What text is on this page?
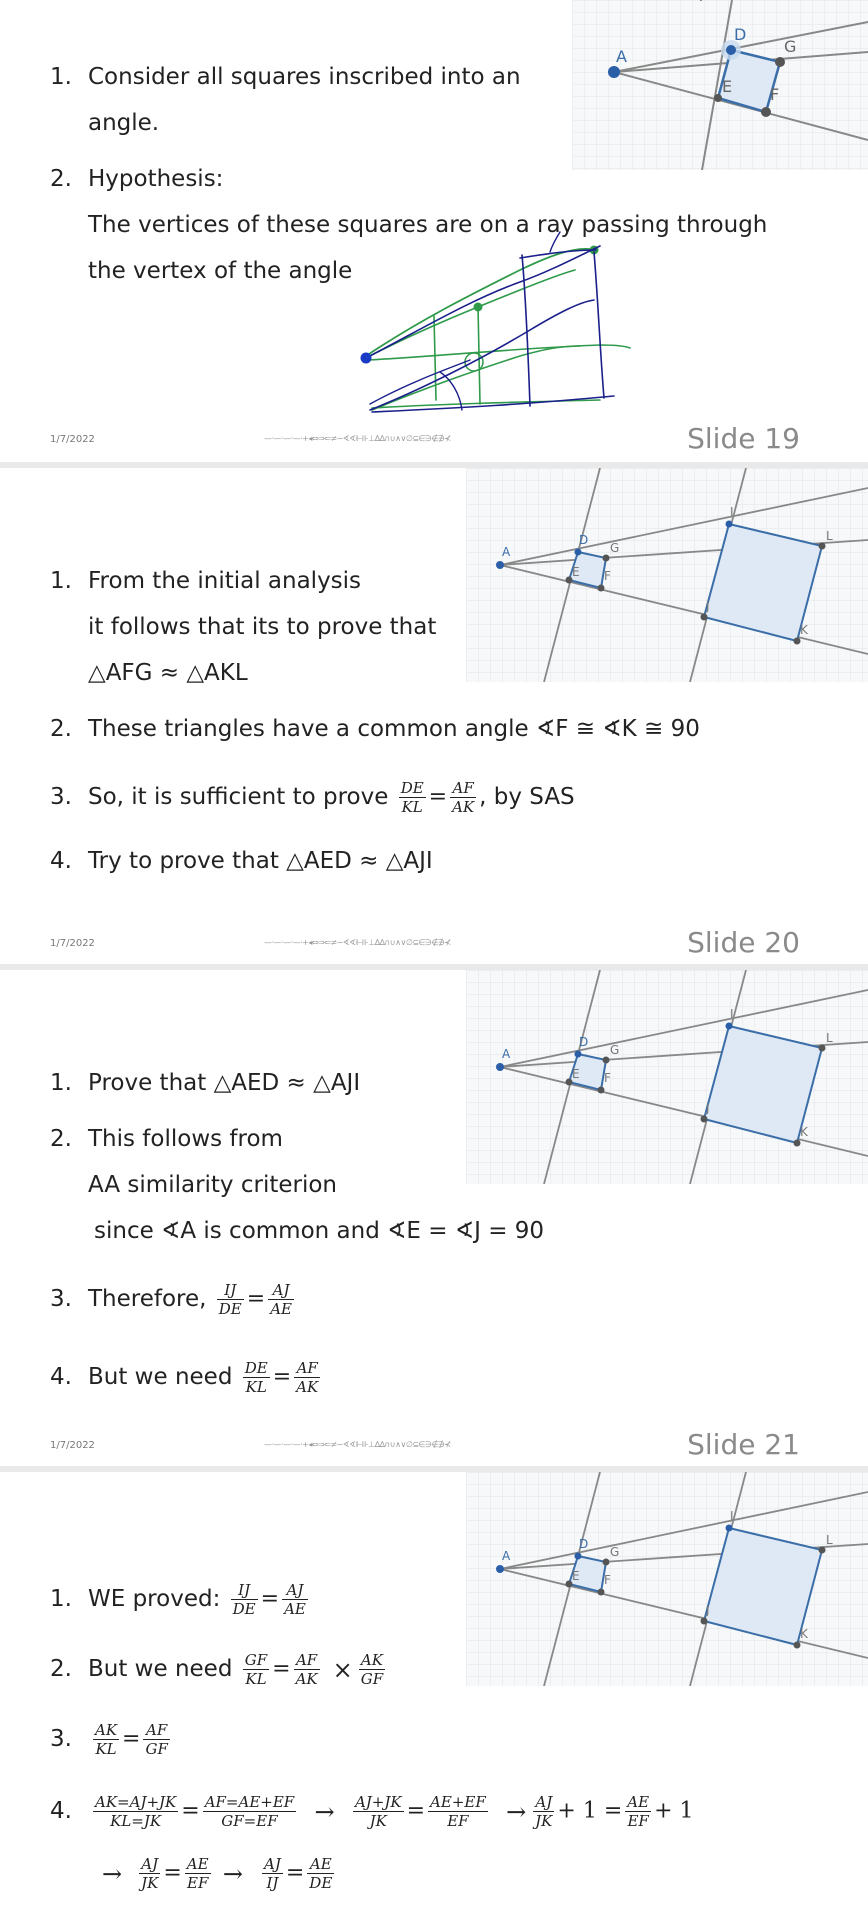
A
D
G
E F
1. Consider all squares inscribed into an
angle.
2. Hypothesis:
The vertices of these squares are on a ray passing through
the vertex of the angle
1/7/2022	—·—·—·—·+◂⇔⇒⇐≠∽∢∢⊩⊪⊥∆∆∩∪∧∨∅⊆∈∋∉∌⊀	Slide 19
A
D
G
E F
I
L
J
K
1. From the initial analysis
it follows that its to prove that
△AFG ≈ △AKL
2. These triangles have a common angle ∢F ≅ ∢K ≅ 90
3. So, it is sufficient to prove $\frac{DE}{KL} = \frac{AF}{AK}$ , by SAS
4. Try to prove that △AED ≈ △AJI
1/7/2022	—·—·—·—·+◂⇔⇒⇐≠∽∢∢⊩⊪⊥∆∆∩∪∧∨∅⊆∈∋∉∌⊀	Slide 20
A
D
G
E F
I
L
J
K
1. Prove that △AED ≈ △AJI
2. This follows from
AA similarity criterion
since ∢A is common and ∢E = ∢J = 90
3. Therefore, $\frac{IJ}{DE} = \frac{AJ}{AE}$
4. But we need $\frac{DE}{KL} = \frac{AF}{AK}$
1/7/2022	—·—·—·—·+◂⇔⇒⇐≠∽∢∢⊩⊪⊥∆∆∩∪∧∨∅⊆∈∋∉∌⊀	Slide 21
A
D
G
E F
I
L
J
K
1. WE proved: $\frac{IJ}{DE} = \frac{AJ}{AE}$
2. But we need $\frac{GF}{KL} = \frac{AF}{AK} \times \frac{AK}{GF}$
3. $\frac{AK}{KL} = \frac{AF}{GF}$
4. $\frac{AK=AJ+JK}{KL=JK} = \frac{AF=AE+EF}{GF=EF} \to \frac{AJ+JK}{JK} = \frac{AE+EF}{EF} \to \frac{AJ}{JK} + 1 = \frac{AE}{EF} + 1$
→ $\frac{AJ}{JK} = \frac{AE}{EF} \to \frac{AJ}{IJ} = \frac{AE}{DE}$
